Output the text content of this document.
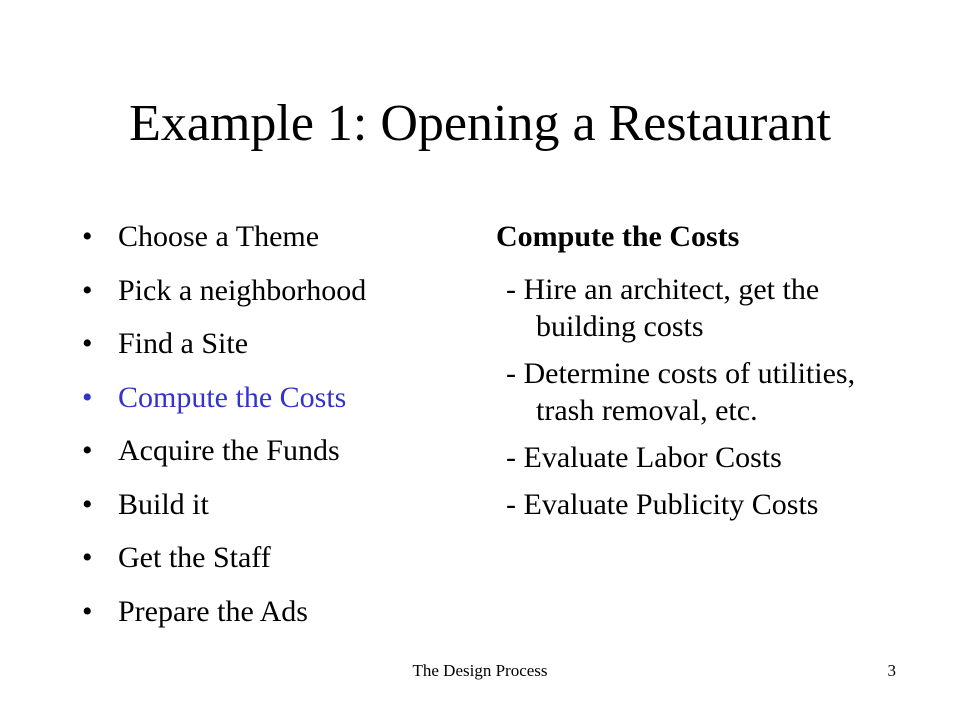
Example 1: Opening a Restaurant
• Choose a Theme
• Pick a neighborhood
• Find a Site
• Compute the Costs
• Acquire the Funds
• Build it
• Get the Staff
• Prepare the Ads
Compute the Costs
- Hire an architect, get the building costs
- Determine costs of utilities, trash removal, etc.
- Evaluate Labor Costs
- Evaluate Publicity Costs
The Design Process	3
